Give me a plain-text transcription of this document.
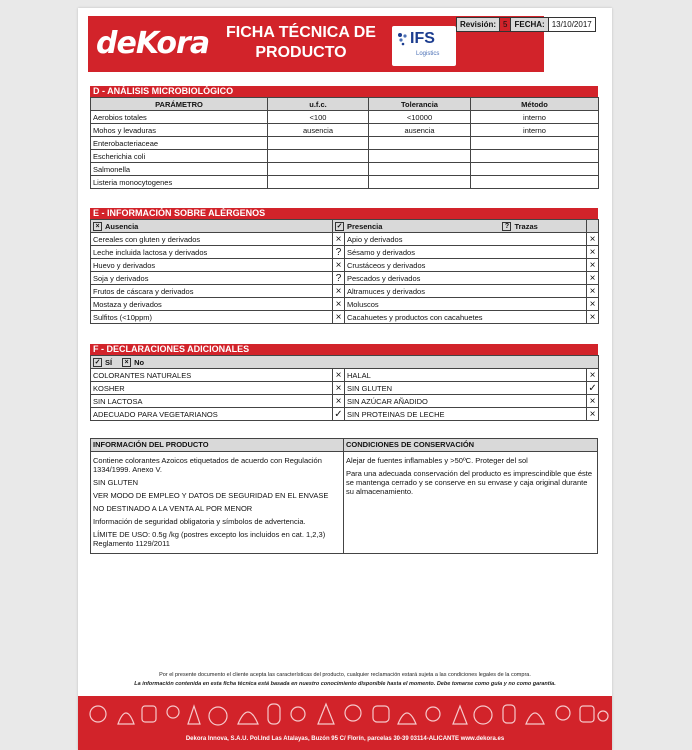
deKora	FICHA TÉCNICA DE
PRODUCTO
IFS
Logistics
Revisión: 5 FECHA: 13/10/2017
D - ANÁLISIS MICROBIOLÓGICO
PARÁMETRO	u.f.c.	Tolerancia	Método
Aerobios totales	<100	<10000	interno
Mohos y levaduras	ausencia	ausencia	interno
Enterobacteriaceae			
Escherichia coli			
Salmonella			
Listeria monocytogenes			
E - INFORMACIÓN SOBRE ALÉRGENOS
× Ausencia	✓ Presencia ? Trazas		

Cereales con gluten y derivados	×	Apio y derivados	×
Leche incluida lactosa y derivados	?	Sésamo y derivados	×
Huevo y derivados	×	Crustáceos y derivados	×
Soja y derivados	?	Pescados y derivados	×
Frutos de cáscara y derivados	×	Altramuces y derivados	×
Mostaza y derivados	×	Moluscos	×
Sulfitos (<10ppm)	×	Cacahuetes y productos con cacahuetes	×
F - DECLARACIONES ADICIONALES
✓ SÍ × No			

COLORANTES NATURALES	×	HALAL	×
KOSHER	×	SIN GLUTEN	✓
SIN LACTOSA	×	SIN AZÚCAR AÑADIDO	×
ADECUADO PARA VEGETARIANOS	✓	SIN PROTEINAS DE LECHE	×
INFORMACIÓN DEL PRODUCTO

Contiene colorantes Azoicos etiquetados de acuerdo con Regulación 1334/1999. Anexo V.

SIN GLUTEN

VER MODO DE EMPLEO Y DATOS DE SEGURIDAD EN EL ENVASE

NO DESTINADO A LA VENTA AL POR MENOR

Información de seguridad obligatoria y símbolos de advertencia.

LÍMITE DE USO: 0.5g /kg (postres excepto los incluidos en cat. 1,2,3) Reglamento 1129/2011

CONDICIONES DE CONSERVACIÓN

Alejar de fuentes inflamables y >50ºC. Proteger del sol

Para una adecuada conservación del producto es imprescindible que éste se mantenga cerrado y se conserve en su envase y caja original durante su almacenamiento.

Por el presente documento el cliente acepta las características del producto, cualquier reclamación estará sujeta a las condiciones legales de la compra.
La información contenida en esta ficha técnica está basada en nuestro conocimiento disponible hasta el momento. Debe tomarse como guía y no como garantía.
Dekora Innova, S.A.U. Pol.Ind Las Atalayas, Buzón 95 C/ Florín, parcelas 30-39 03114-ALICANTE www.dekora.es
